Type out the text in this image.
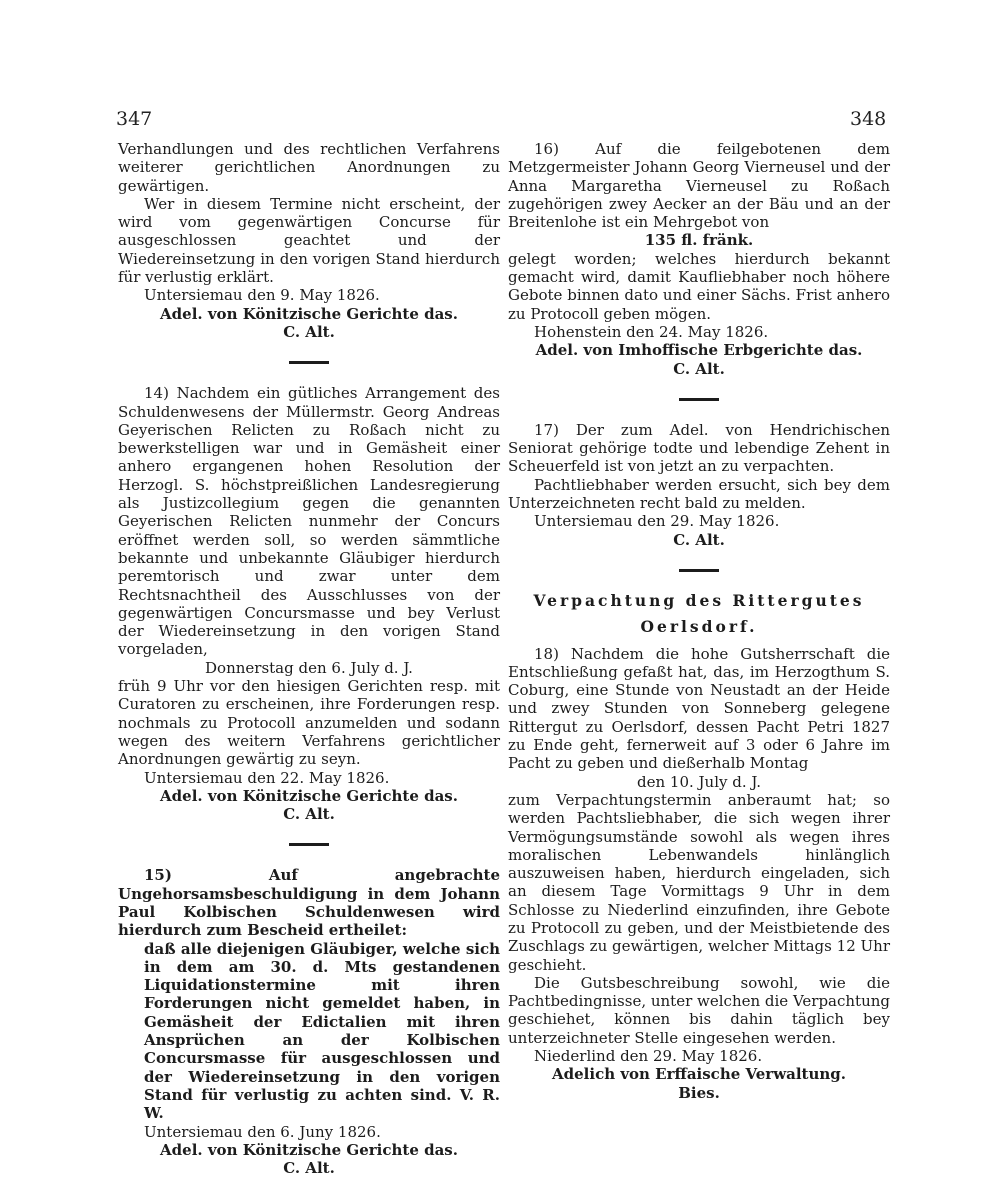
347	348

Verhandlungen und des rechtlichen Verfahrens weiterer gerichtlichen Anordnungen zu gewärtigen.

Wer in diesem Termine nicht erscheint, der wird vom gegenwärtigen Concurse für ausgeschlossen geachtet und der Wiedereinsetzung in den vorigen Stand hierdurch für verlustig erklärt.

Untersiemau den 9. May 1826.

Adel. von Könitzische Gerichte das.

C. Alt.

14) Nachdem ein gütliches Arrangement des Schuldenwesens der Müllermstr. Georg Andreas Geyerischen Relicten zu Roßach nicht zu bewerkstelligen war und in Gemäsheit einer anhero ergangenen hohen Resolution der Herzogl. S. höchstpreißlichen Landesregierung als Justizcollegium gegen die genannten Geyerischen Relicten nunmehr der Concurs eröffnet werden soll, so werden sämmtliche bekannte und unbekannte Gläubiger hierdurch peremtorisch und zwar unter dem Rechtsnachtheil des Ausschlusses von der gegenwärtigen Concursmasse und bey Verlust der Wiedereinsetzung in den vorigen Stand vorgeladen,

Donnerstag den 6. July d. J.

früh 9 Uhr vor den hiesigen Gerichten resp. mit Curatoren zu erscheinen, ihre Forderungen resp. nochmals zu Protocoll anzumelden und sodann wegen des weitern Verfahrens gerichtlicher Anordnungen gewärtig zu seyn.

Untersiemau den 22. May 1826.

Adel. von Könitzische Gerichte das.

C. Alt.

15) Auf angebrachte Ungehorsamsbeschuldigung in dem Johann Paul Kolbischen Schuldenwesen wird hierdurch zum Bescheid ertheilet:

daß alle diejenigen Gläubiger, welche sich in dem am 30. d. Mts gestandenen Liquidationstermine mit ihren Forderungen nicht gemeldet haben, in Gemäsheit der Edictalien mit ihren Ansprüchen an der Kolbischen Concursmasse für ausgeschlossen und der Wiedereinsetzung in den vorigen Stand für verlustig zu achten sind. V. R. W.

Untersiemau den 6. Juny 1826.

Adel. von Könitzische Gerichte das.

C. Alt.

16) Auf die feilgebotenen dem Metzgermeister Johann Georg Vierneusel und der Anna Margaretha Vierneusel zu Roßach zugehörigen zwey Aecker an der Bäu und an der Breitenlohe ist ein Mehrgebot von

135 fl. fränk.

gelegt worden; welches hierdurch bekannt gemacht wird, damit Kaufliebhaber noch höhere Gebote binnen dato und einer Sächs. Frist anhero zu Protocoll geben mögen.

Hohenstein den 24. May 1826.

Adel. von Imhoffische Erbgerichte das.

C. Alt.

17) Der zum Adel. von Hendrichischen Seniorat gehörige todte und lebendige Zehent in Scheuerfeld ist von jetzt an zu verpachten.

Pachtliebhaber werden ersucht, sich bey dem Unterzeichneten recht bald zu melden.

Untersiemau den 29. May 1826.

C. Alt.

Verpachtung des Rittergutes

Oerlsdorf.

18) Nachdem die hohe Gutsherrschaft die Entschließung gefaßt hat, das, im Herzogthum S. Coburg, eine Stunde von Neustadt an der Heide und zwey Stunden von Sonneberg gelegene Rittergut zu Oerlsdorf, dessen Pacht Petri 1827 zu Ende geht, fernerweit auf 3 oder 6 Jahre im Pacht zu geben und dießerhalb Montag

den 10. July d. J.

zum Verpachtungstermin anberaumt hat; so werden Pachtsliebhaber, die sich wegen ihrer Vermögungsumstände sowohl als wegen ihres moralischen Lebenwandels hinlänglich auszuweisen haben, hierdurch eingeladen, sich an diesem Tage Vormittags 9 Uhr in dem Schlosse zu Niederlind einzufinden, ihre Gebote zu Protocoll zu geben, und der Meistbietende des Zuschlags zu gewärtigen, welcher Mittags 12 Uhr geschieht.

Die Gutsbeschreibung sowohl, wie die Pachtbedingnisse, unter welchen die Verpachtung geschiehet, können bis dahin täglich bey unterzeichneter Stelle eingesehen werden.

Niederlind den 29. May 1826.

Adelich von Erffaische Verwaltung.

Bies.
